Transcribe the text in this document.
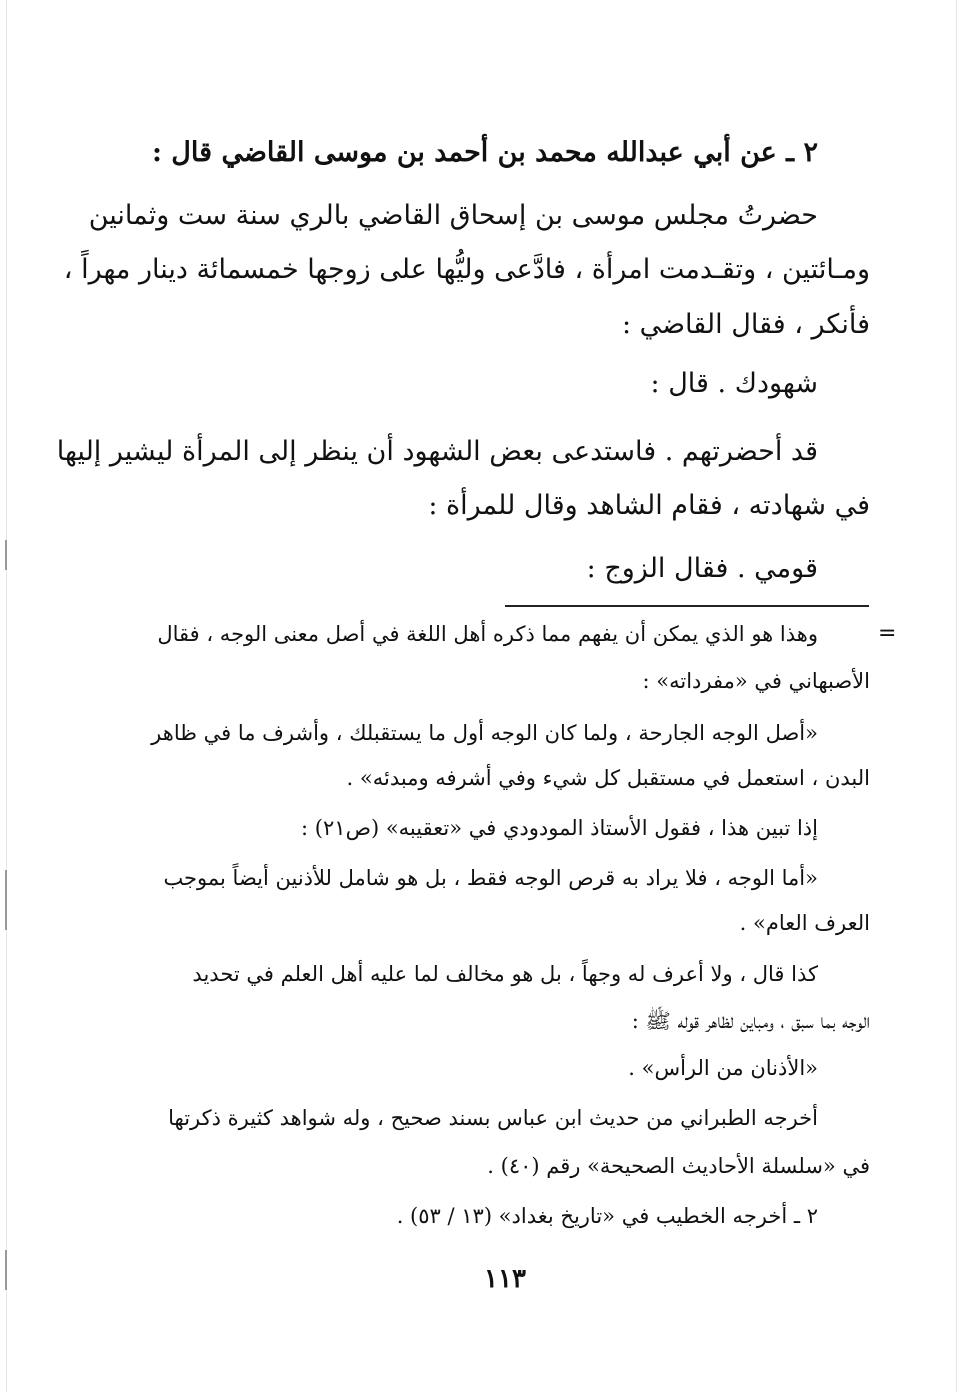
٢ ـ عن أبي عبدالله محمد بن أحمد بن موسى القاضي قال :
حضرتُ مجلس موسى بن إسحاق القاضي بالري سنة ست وثمانين
ومـائتين ، وتقـدمت امرأة ، فادَّعى وليُّها على زوجها خمسمائة دينار مهراً ،
فأنكر ، فقال القاضي :
شهودك . قال :
قد أحضرتهم . فاستدعى بعض الشهود أن ينظر إلى المرأة ليشير إليها
في شهادته ، فقام الشاهد وقال للمرأة :
قومي . فقال الزوج :
=
وهذا هو الذي يمكن أن يفهم مما ذكره أهل اللغة في أصل معنى الوجه ، فقال
الأصبهاني في «مفرداته» :
«أصل الوجه الجارحة ، ولما كان الوجه أول ما يستقبلك ، وأشرف ما في ظاهر
البدن ، استعمل في مستقبل كل شيء وفي أشرفه ومبدئه» .
إذا تبين هذا ، فقول الأستاذ المودودي في «تعقيبه» (ص٢١) :
«أما الوجه ، فلا يراد به قرص الوجه فقط ، بل هو شامل للأذنين أيضاً بموجب
العرف العام» .
كذا قال ، ولا أعرف له وجهاً ، بل هو مخالف لما عليه أهل العلم في تحديد
الوجه بما سبق ، ومباين لظاهر قوله ﷺ :
«الأذنان من الرأس» .
أخرجه الطبراني من حديث ابن عباس بسند صحيح ، وله شواهد كثيرة ذكرتها
في «سلسلة الأحاديث الصحيحة» رقم (٤٠) .
٢ ـ أخرجه الخطيب في «تاريخ بغداد» (١٣ / ٥٣) .
١١٣
